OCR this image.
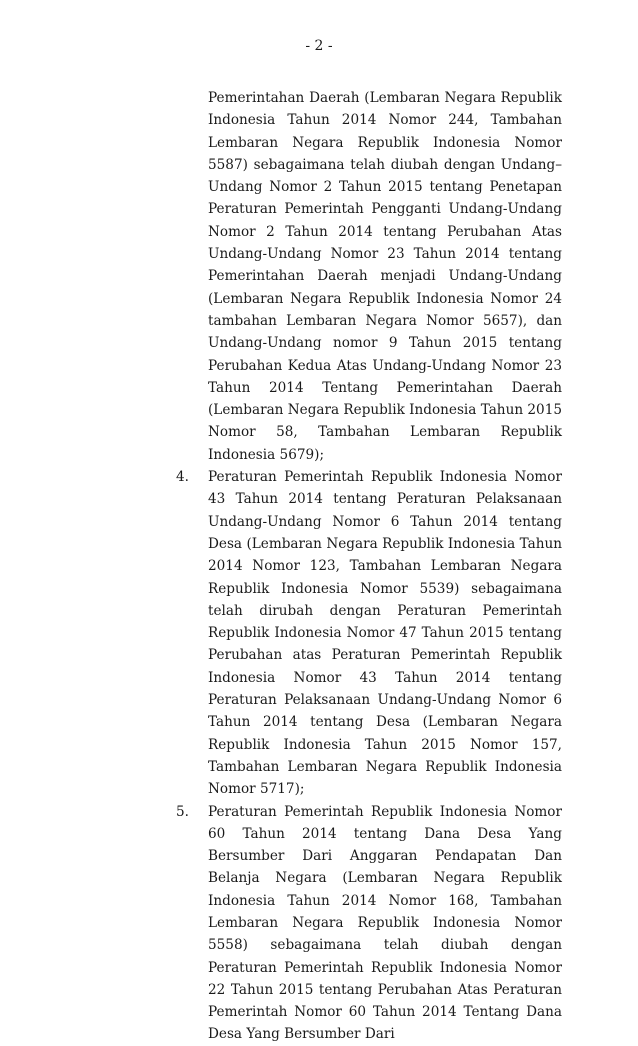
- 2 -
Pemerintahan Daerah (Lembaran Negara Republik Indonesia Tahun 2014 Nomor 244, Tambahan Lembaran Negara Republik Indonesia Nomor 5587) sebagaimana telah diubah dengan Undang–Undang Nomor 2 Tahun 2015 tentang Penetapan Peraturan Pemerintah Pengganti Undang-Undang Nomor 2 Tahun 2014 tentang Perubahan Atas Undang-Undang Nomor 23 Tahun 2014 tentang Pemerintahan Daerah menjadi Undang-Undang (Lembaran Negara Republik Indonesia Nomor 24 tambahan Lembaran Negara Nomor 5657), dan Undang-Undang nomor 9 Tahun 2015 tentang Perubahan Kedua Atas Undang-Undang Nomor 23 Tahun 2014 Tentang Pemerintahan Daerah (Lembaran Negara Republik Indonesia Tahun 2015 Nomor 58, Tambahan Lembaran Republik Indonesia 5679);
4. Peraturan Pemerintah Republik Indonesia Nomor 43 Tahun 2014 tentang Peraturan Pelaksanaan Undang-Undang Nomor 6 Tahun 2014 tentang Desa (Lembaran Negara Republik Indonesia Tahun 2014 Nomor 123, Tambahan Lembaran Negara Republik Indonesia Nomor 5539) sebagaimana telah dirubah dengan Peraturan Pemerintah Republik Indonesia Nomor 47 Tahun 2015 tentang Perubahan atas Peraturan Pemerintah Republik Indonesia Nomor 43 Tahun 2014 tentang Peraturan Pelaksanaan Undang-Undang Nomor 6 Tahun 2014 tentang Desa (Lembaran Negara Republik Indonesia Tahun 2015 Nomor 157, Tambahan Lembaran Negara Republik Indonesia Nomor 5717);
5. Peraturan Pemerintah Republik Indonesia Nomor 60 Tahun 2014 tentang Dana Desa Yang Bersumber Dari Anggaran Pendapatan Dan Belanja Negara (Lembaran Negara Republik Indonesia Tahun 2014 Nomor 168, Tambahan Lembaran Negara Republik Indonesia Nomor 5558) sebagaimana telah diubah dengan Peraturan Pemerintah Republik Indonesia Nomor 22 Tahun 2015 tentang Perubahan Atas Peraturan Pemerintah Nomor 60 Tahun 2014 Tentang Dana Desa Yang Bersumber Dari
